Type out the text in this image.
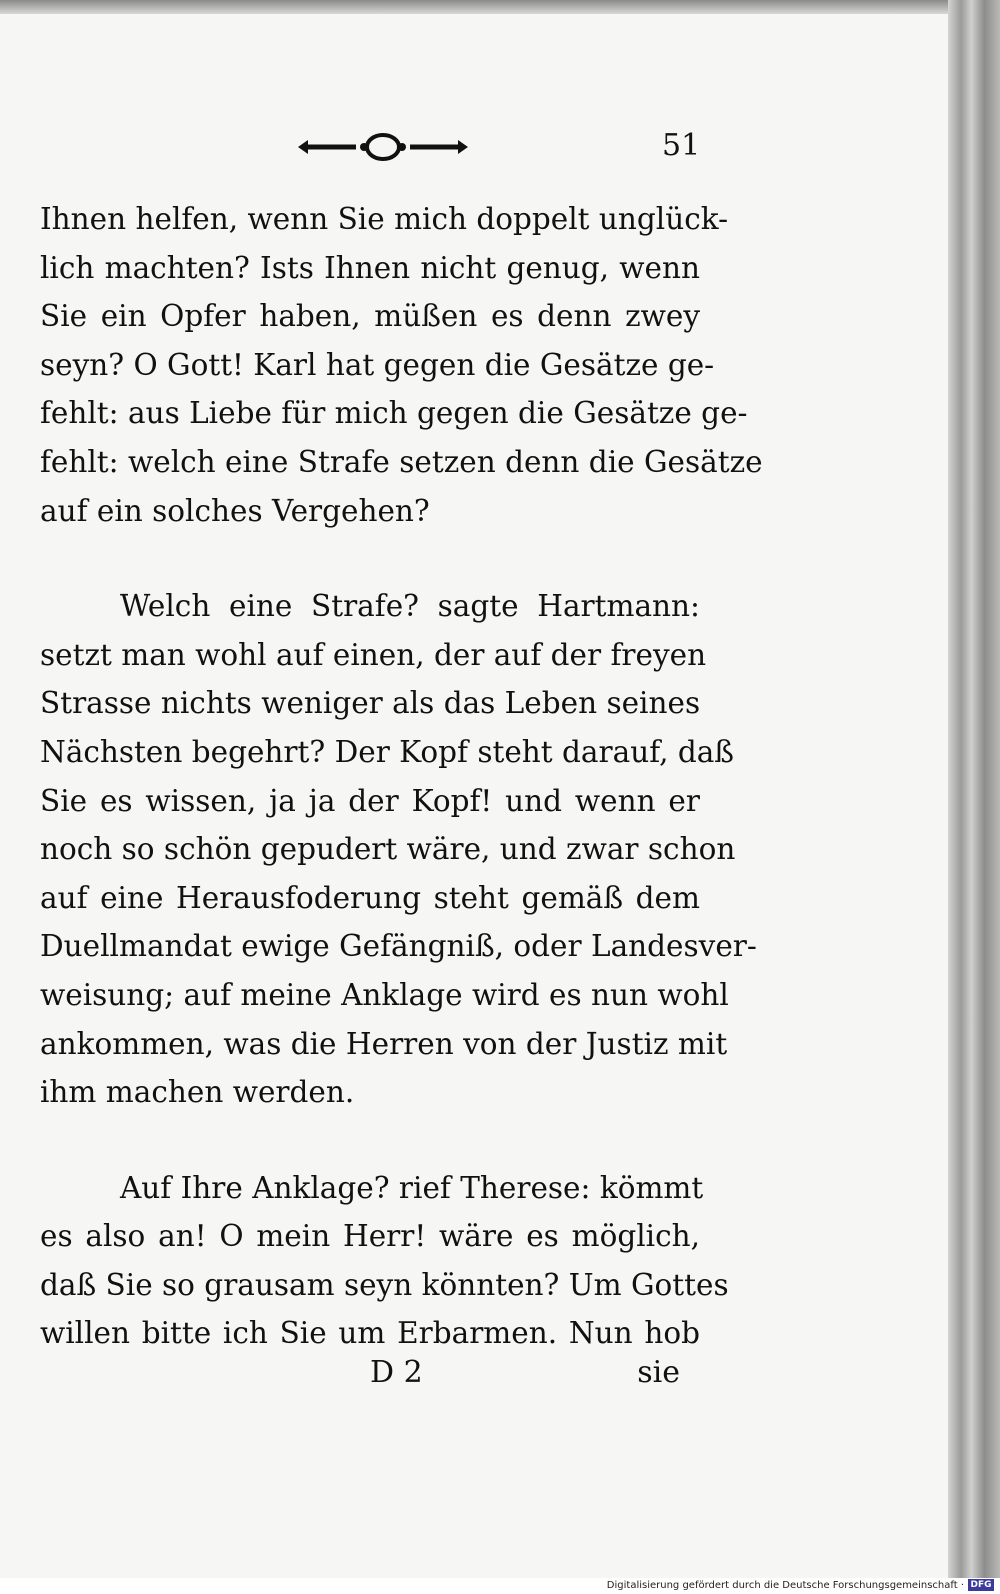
51
Ihnen helfen, wenn Sie mich doppelt unglück-
lich machten? Ists Ihnen nicht genug, wenn
Sie ein Opfer haben, müßen es denn zwey
seyn? O Gott! Karl hat gegen die Gesätze ge-
fehlt: aus Liebe für mich gegen die Gesätze ge-
fehlt: welch eine Strafe setzen denn die Gesätze
auf ein solches Vergehen?
Welch eine Strafe? sagte Hartmann:
setzt man wohl auf einen, der auf der freyen
Strasse nichts weniger als das Leben seines
Nächsten begehrt? Der Kopf steht darauf, daß
Sie es wissen, ja ja der Kopf! und wenn er
noch so schön gepudert wäre, und zwar schon
auf eine Herausfoderung steht gemäß dem
Duellmandat ewige Gefängniß, oder Landesver-
weisung; auf meine Anklage wird es nun wohl
ankommen, was die Herren von der Justiz mit
ihm machen werden.
Auf Ihre Anklage? rief Therese: kömmt
es also an! O mein Herr! wäre es möglich,
daß Sie so grausam seyn könnten? Um Gottes
willen bitte ich Sie um Erbarmen. Nun hob
D 2	sie
Digitalisierung gefördert durch die Deutsche Forschungsgemeinschaft · DFG
